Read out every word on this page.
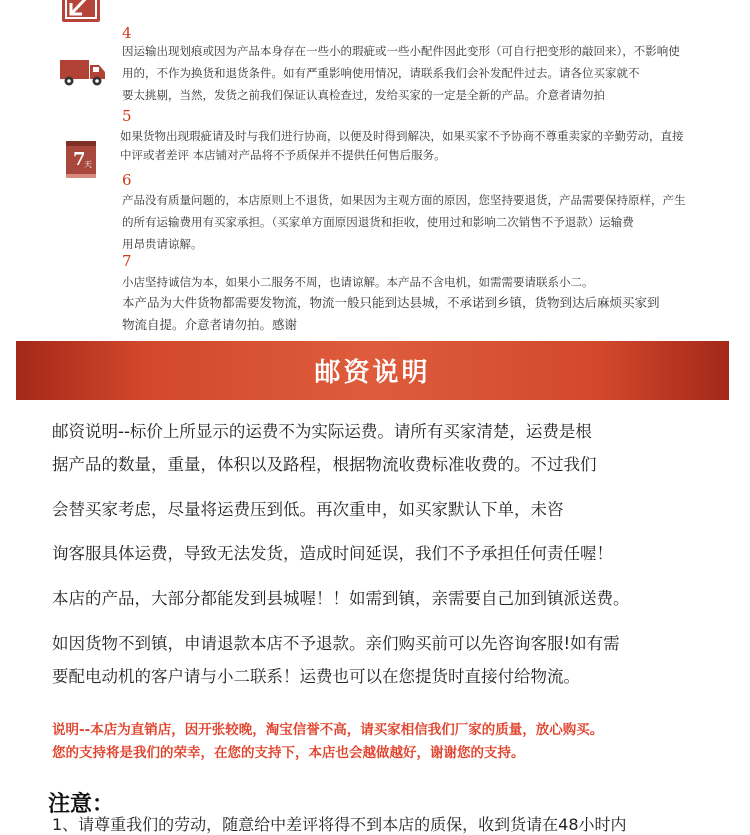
4
因运输出现划痕或因为产品本身存在一些小的瑕疵或一些小配件因此变形（可自行把变形的敲回来），不影响使
用的，不作为换货和退货条件。如有严重影响使用情况，请联系我们会补发配件过去。请各位买家就不
要太挑剔，当然，发货之前我们保证认真检查过，发给买家的一定是全新的产品。介意者请勿拍
5
7
天
如果货物出现瑕疵请及时与我们进行协商，以便及时得到解决，如果买家不予协商不尊重卖家的辛勤劳动，直接
中评或者差评 本店铺对产品将不予质保并不提供任何售后服务。
6
产品没有质量问题的，本店原则上不退货，如果因为主观方面的原因，您坚持要退货，产品需要保持原样，产生
的所有运输费用有买家承担。（买家单方面原因退货和拒收，使用过和影响二次销售不予退款）运输费
用昂贵请谅解。
7
小店坚持诚信为本，如果小二服务不周，也请谅解。本产品不含电机，如需需要请联系小二。
本产品为大件货物都需要发物流，物流一般只能到达县城，不承诺到乡镇，货物到达后麻烦买家到
物流自提。介意者请勿拍。感谢
邮资说明
邮资说明--标价上所显示的运费不为实际运费。请所有买家清楚，运费是根
据产品的数量，重量，体积以及路程，根据物流收费标准收费的。不过我们
会替买家考虑，尽量将运费压到低。再次重申，如买家默认下单，未咨
询客服具体运费，导致无法发货，造成时间延误，我们不予承担任何责任喔！
本店的产品，大部分都能发到县城喔！！如需到镇，亲需要自己加到镇派送费。
如因货物不到镇，申请退款本店不予退款。亲们购买前可以先咨询客服!如有需
要配电动机的客户请与小二联系！运费也可以在您提货时直接付给物流。
说明--本店为直销店，因开张较晚，淘宝信誉不高，请买家相信我们厂家的质量，放心购买。
您的支持将是我们的荣幸，在您的支持下，本店也会越做越好，谢谢您的支持。
注意：
1、请尊重我们的劳动，随意给中差评将得不到本店的质保，收到货请在48小时内
